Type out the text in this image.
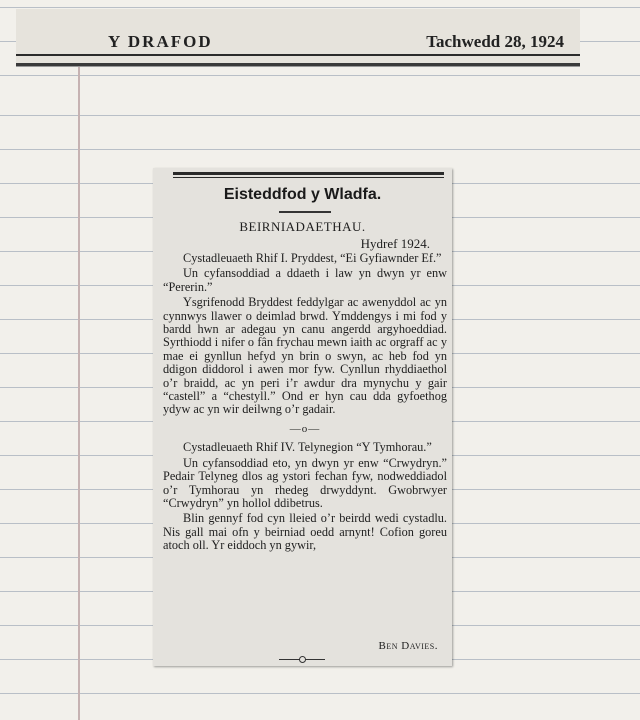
Y DRAFOD	Tachwedd 28, 1924
Eisteddfod y Wladfa.
BEIRNIADAETHAU.
Hydref 1924.

Cystadleuaeth Rhif I. Pryddest, “Ei Gyfiawnder Ef.”

Un cyfansoddiad a ddaeth i law yn dwyn yr enw “Pererin.”

Ysgrifenodd Bryddest feddylgar ac awenyddol ac yn cynnwys llawer o deimlad brwd. Ymddengys i mi fod y bardd hwn ar adegau yn canu angerdd argyhoeddiad. Syrthiodd i nifer o fân frychau mewn iaith ac orgraff ac y mae ei gynllun hefyd yn brin o swyn, ac heb fod yn ddigon diddorol i awen mor fyw. Cynllun rhyddiaethol o’r braidd, ac yn peri i’r awdur dra mynychu y gair “castell” a “chestyll.” Ond er hyn cau dda gyfoethog ydyw ac yn wir deilwng o’r gadair.

—o—

Cystadleuaeth Rhif IV. Telynegion “Y Tymhorau.”

Un cyfansoddiad eto, yn dwyn yr enw “Crwydryn.” Pedair Telyneg dlos ag ystori fechan fyw, nodweddiadol o’r Tymhorau yn rhedeg drwyddynt. Gwobrwyer “Crwydryn” yn hollol ddibetrus.

Blin gennyf fod cyn lleied o’r beirdd wedi cystadlu. Nis gall mai ofn y beirniad oedd arnynt! Cofion goreu atoch oll. Yr eiddoch yn gywir,

Ben Davies.
